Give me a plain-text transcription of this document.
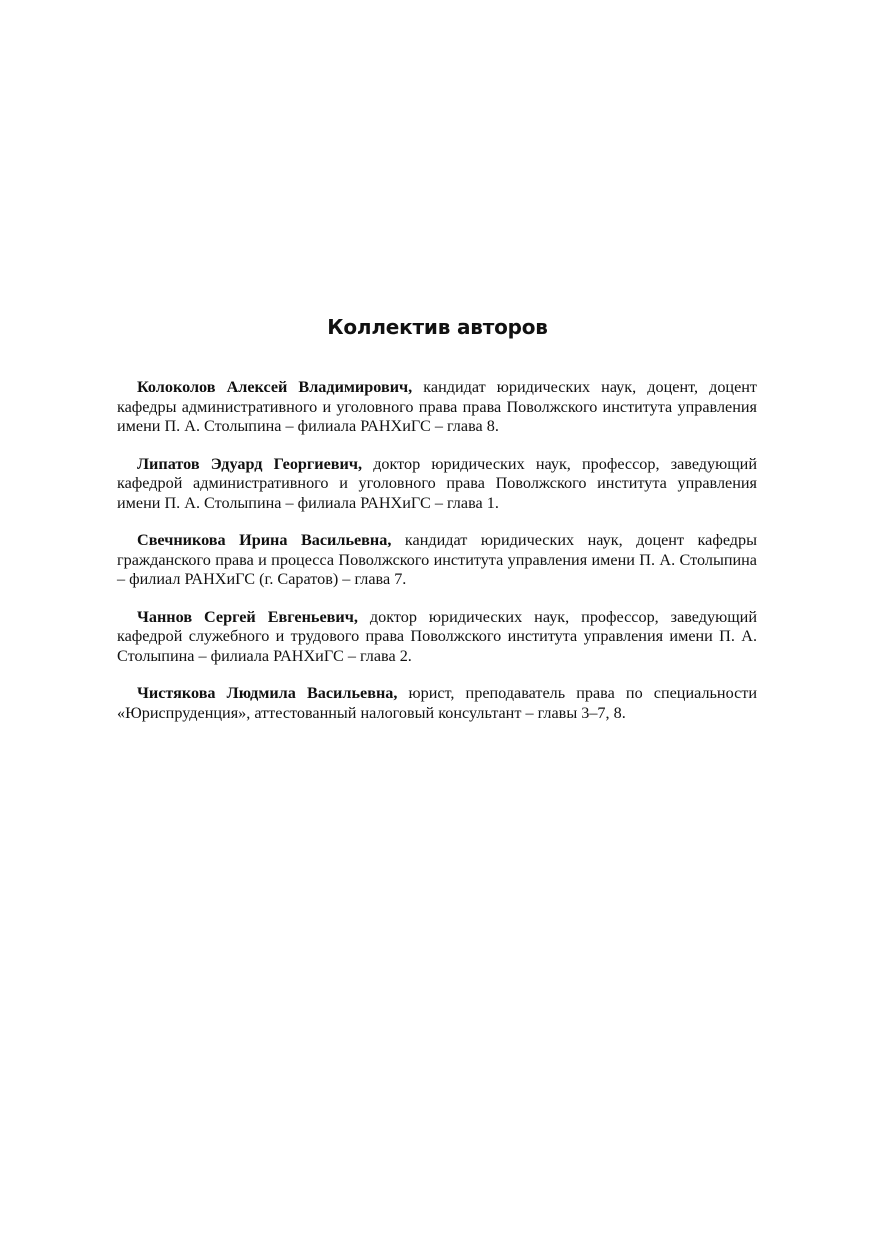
Коллектив авторов

Колоколов Алексей Владимирович, кандидат юридических наук, доцент, доцент кафедры административного и уголовного права права Поволжского института управления имени П. А. Столыпина – филиала РАНХиГС – глава 8.

Липатов Эдуард Георгиевич, доктор юридических наук, профессор, заведующий кафедрой административного и уголовного права Поволжского института управления имени П. А. Столыпина – филиала РАНХиГС – глава 1.

Свечникова Ирина Васильевна, кандидат юридических наук, доцент кафедры гражданского права и процесса Поволжского института управления имени П. А. Столыпина – филиал РАНХиГС (г. Саратов) – глава 7.

Чаннов Сергей Евгеньевич, доктор юридических наук, профессор, заведующий кафедрой служебного и трудового права Поволжского института управления имени П. А. Столыпина – филиала РАНХиГС – глава 2.

Чистякова Людмила Васильевна, юрист, преподаватель права по специальности «Юриспруденция», аттестованный налоговый консультант – главы 3–7, 8.
